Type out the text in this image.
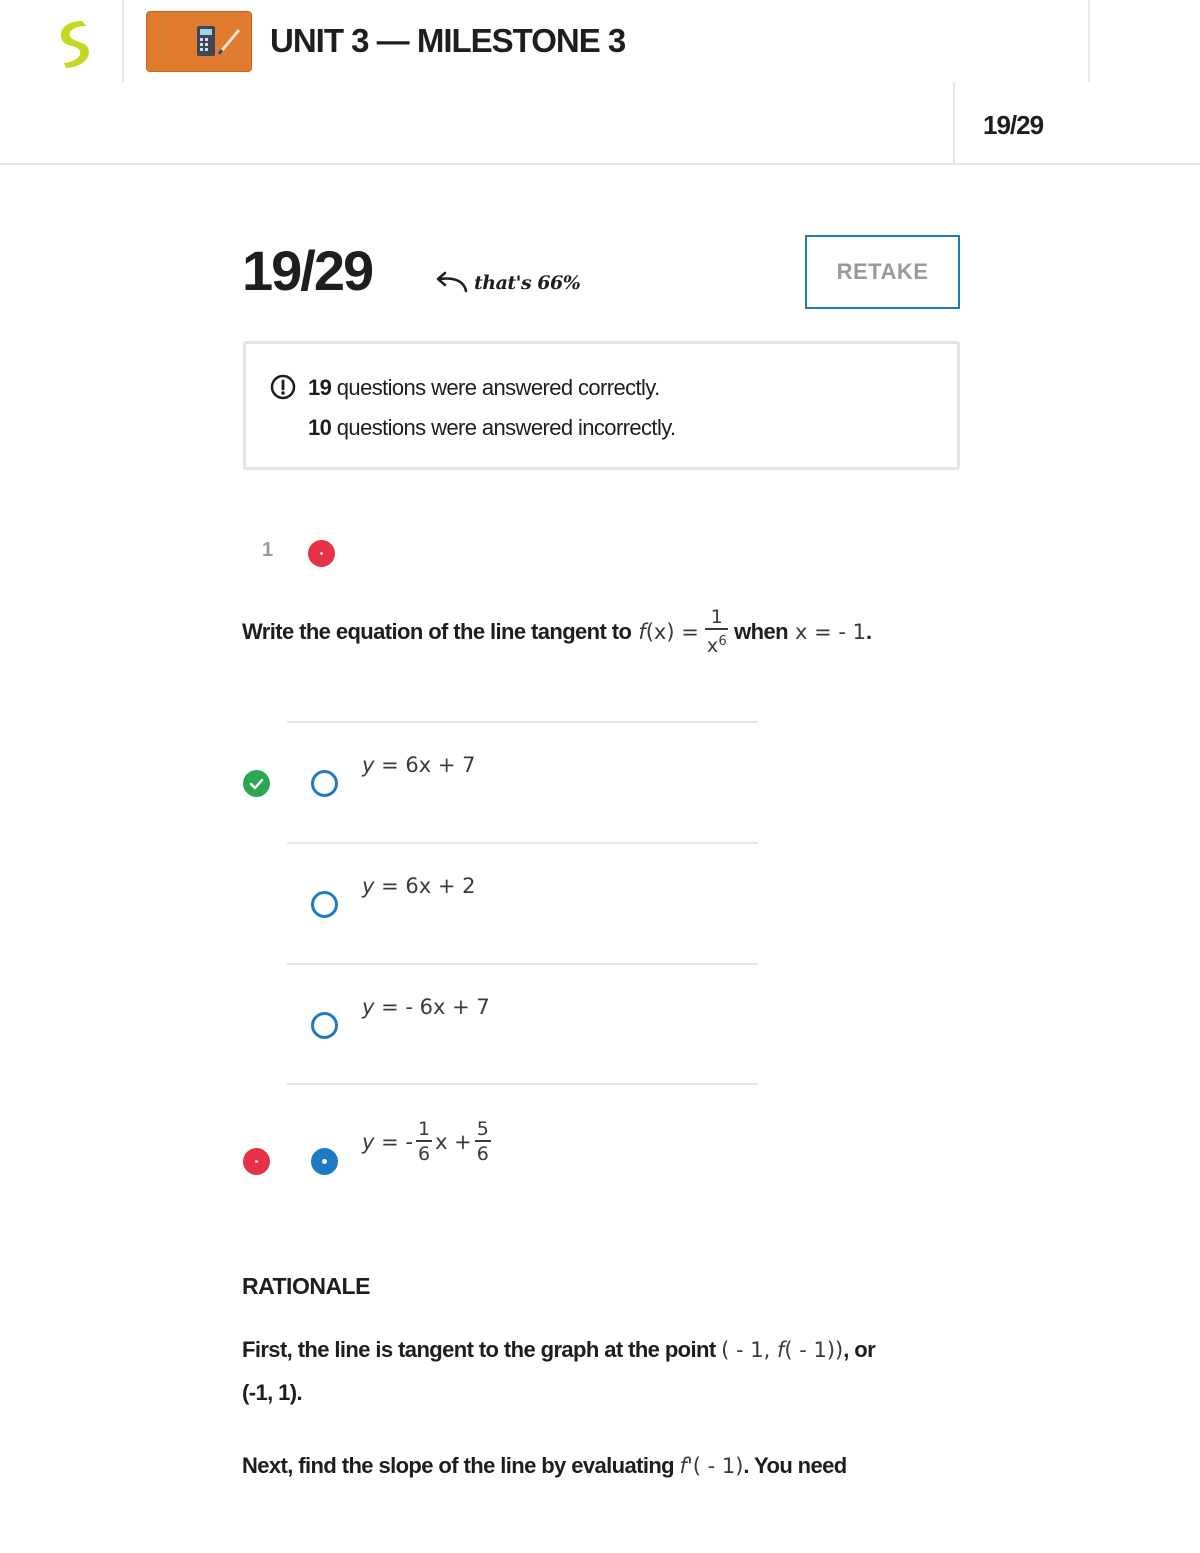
UNIT 3 — MILESTONE 3
19/29
19/29	that's 66%	RETAKE
19 questions were answered correctly.
10 questions were answered incorrectly.
1
Write the equation of the line tangent to $f(x) = \frac{1}{x^6}$ when x = - 1 .
y = 6x + 7
y = 6x + 2
y = - 6x + 7
y = - $\frac{1}{6}$ $x + \frac{5}{6}$
RATIONALE
First, the line is tangent to the graph at the point ( - 1, f( - 1)), or
(-1, 1).
Next, find the slope of the line by evaluating f'( - 1). You need
